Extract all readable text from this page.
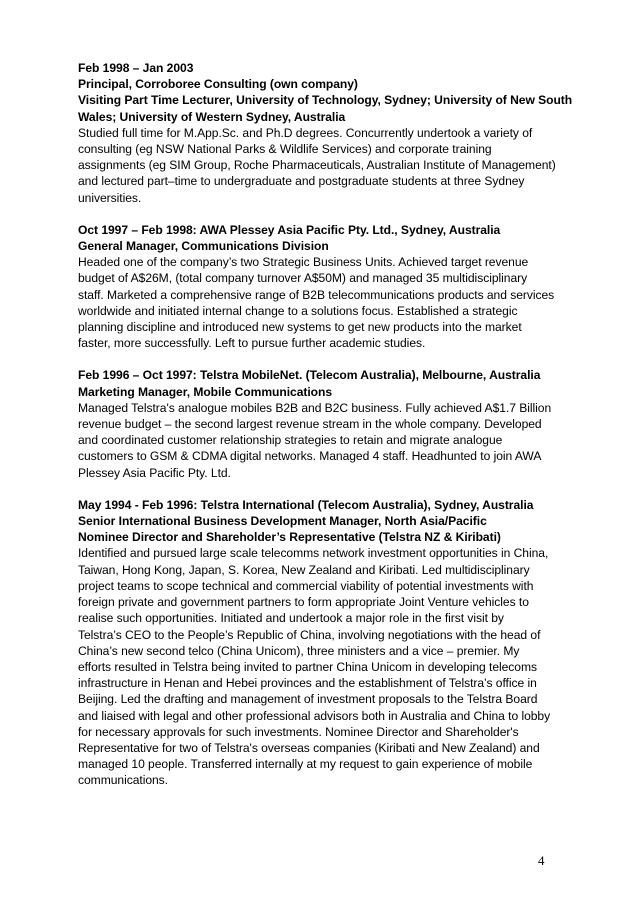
Feb 1998 – Jan 2003
Principal, Corroboree Consulting (own company)
Visiting Part Time Lecturer, University of Technology, Sydney; University of New South
Wales; University of Western Sydney, Australia
Studied full time for M.App.Sc. and Ph.D degrees. Concurrently undertook a variety of
consulting (eg NSW National Parks & Wildlife Services) and corporate training
assignments (eg SIM Group, Roche Pharmaceuticals, Australian Institute of Management)
and lectured part–time to undergraduate and postgraduate students at three Sydney
universities.
Oct 1997 – Feb 1998: AWA Plessey Asia Pacific Pty. Ltd., Sydney, Australia
General Manager, Communications Division
Headed one of the company’s two Strategic Business Units. Achieved target revenue
budget of A$26M, (total company turnover A$50M) and managed 35 multidisciplinary
staff. Marketed a comprehensive range of B2B telecommunications products and services
worldwide and initiated internal change to a solutions focus. Established a strategic
planning discipline and introduced new systems to get new products into the market
faster, more successfully. Left to pursue further academic studies.
Feb 1996 – Oct 1997: Telstra MobileNet. (Telecom Australia), Melbourne, Australia
Marketing Manager, Mobile Communications
Managed Telstra's analogue mobiles B2B and B2C business. Fully achieved A$1.7 Billion
revenue budget – the second largest revenue stream in the whole company. Developed
and coordinated customer relationship strategies to retain and migrate analogue
customers to GSM & CDMA digital networks. Managed 4 staff. Headhunted to join AWA
Plessey Asia Pacific Pty. Ltd.
May 1994 - Feb 1996: Telstra International (Telecom Australia), Sydney, Australia
Senior International Business Development Manager, North Asia/Pacific
Nominee Director and Shareholder’s Representative (Telstra NZ & Kiribati)
Identified and pursued large scale telecomms network investment opportunities in China,
Taiwan, Hong Kong, Japan, S. Korea, New Zealand and Kiribati. Led multidisciplinary
project teams to scope technical and commercial viability of potential investments with
foreign private and government partners to form appropriate Joint Venture vehicles to
realise such opportunities. Initiated and undertook a major role in the first visit by
Telstra’s CEO to the People’s Republic of China, involving negotiations with the head of
China’s new second telco (China Unicom), three ministers and a vice – premier. My
efforts resulted in Telstra being invited to partner China Unicom in developing telecoms
infrastructure in Henan and Hebei provinces and the establishment of Telstra’s office in
Beijing. Led the drafting and management of investment proposals to the Telstra Board
and liaised with legal and other professional advisors both in Australia and China to lobby
for necessary approvals for such investments. Nominee Director and Shareholder's
Representative for two of Telstra's overseas companies (Kiribati and New Zealand) and
managed 10 people. Transferred internally at my request to gain experience of mobile
communications.
4
